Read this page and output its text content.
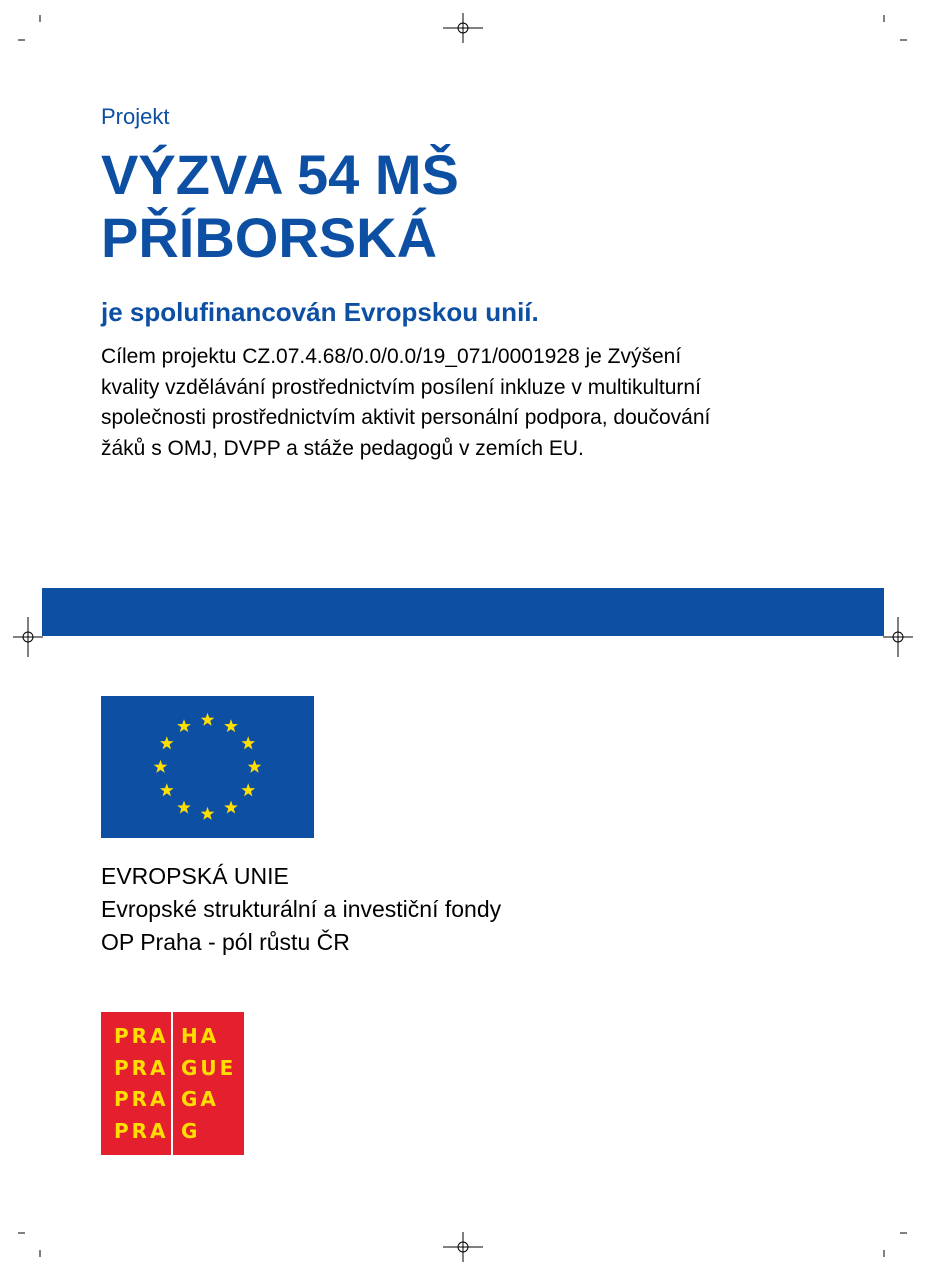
Projekt
VÝZVA 54 MŠ
PŘÍBORSKÁ
je spolufinancován Evropskou unií.
Cílem projektu CZ.07.4.68/0.0/0.0/19_071/0001928 je Zvýšení
kvality vzdělávání prostřednictvím posílení inkluze v multikulturní
společnosti prostřednictvím aktivit personální podpora, doučování
žáků s OMJ, DVPP a stáže pedagogů v zemích EU.
EVROPSKÁ UNIE
Evropské strukturální a investiční fondy
OP Praha - pól růstu ČR
PRA
PRA
PRA
PRA
HA
GUE
GA
G
